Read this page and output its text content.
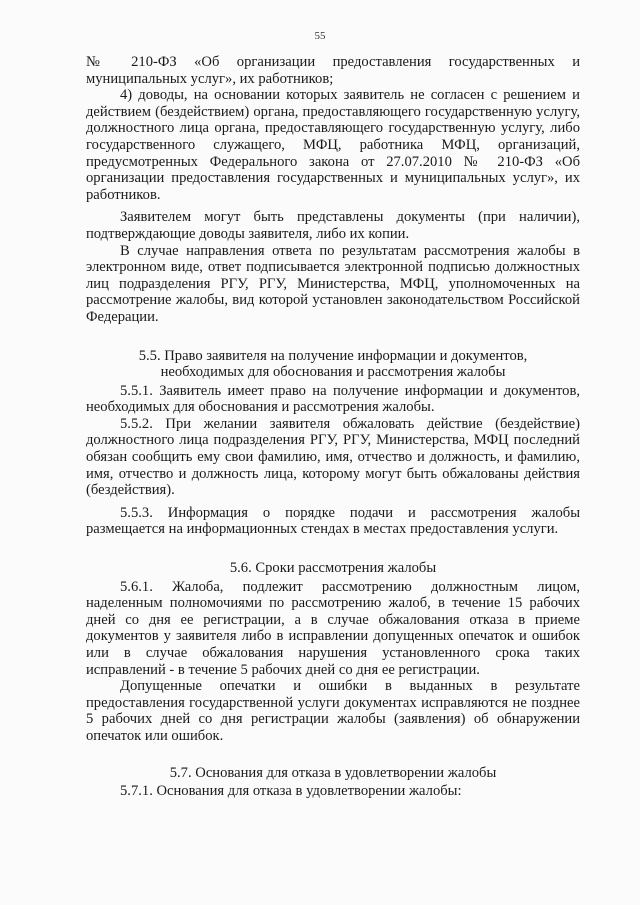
55

№ 210-ФЗ «Об организации предоставления государственных и муниципальных услуг», их работников;

4) доводы, на основании которых заявитель не согласен с решением и действием (бездействием) органа, предоставляющего государственную услугу, должностного лица органа, предоставляющего государственную услугу, либо государственного служащего, МФЦ, работника МФЦ, организаций, предусмотренных Федерального закона от 27.07.2010 № 210-ФЗ «Об организации предоставления государственных и муниципальных услуг», их работников.

Заявителем могут быть представлены документы (при наличии), подтверждающие доводы заявителя, либо их копии.

В случае направления ответа по результатам рассмотрения жалобы в электронном виде, ответ подписывается электронной подписью должностных лиц подразделения РГУ, РГУ, Министерства, МФЦ, уполномоченных на рассмотрение жалобы, вид которой установлен законодательством Российской Федерации.

5.5. Право заявителя на получение информации и документов,
необходимых для обоснования и рассмотрения жалобы

5.5.1. Заявитель имеет право на получение информации и документов, необходимых для обоснования и рассмотрения жалобы.

5.5.2. При желании заявителя обжаловать действие (бездействие) должностного лица подразделения РГУ, РГУ, Министерства, МФЦ последний обязан сообщить ему свои фамилию, имя, отчество и должность, и фамилию, имя, отчество и должность лица, которому могут быть обжалованы действия (бездействия).

5.5.3. Информация о порядке подачи и рассмотрения жалобы размещается на информационных стендах в местах предоставления услуги.

5.6. Сроки рассмотрения жалобы

5.6.1. Жалоба, подлежит рассмотрению должностным лицом, наделенным полномочиями по рассмотрению жалоб, в течение 15 рабочих дней со дня ее регистрации, а в случае обжалования отказа в приеме документов у заявителя либо в исправлении допущенных опечаток и ошибок или в случае обжалования нарушения установленного срока таких исправлений - в течение 5 рабочих дней со дня ее регистрации.

Допущенные опечатки и ошибки в выданных в результате предоставления государственной услуги документах исправляются не позднее 5 рабочих дней со дня регистрации жалобы (заявления) об обнаружении опечаток или ошибок.

5.7. Основания для отказа в удовлетворении жалобы

5.7.1. Основания для отказа в удовлетворении жалобы:
